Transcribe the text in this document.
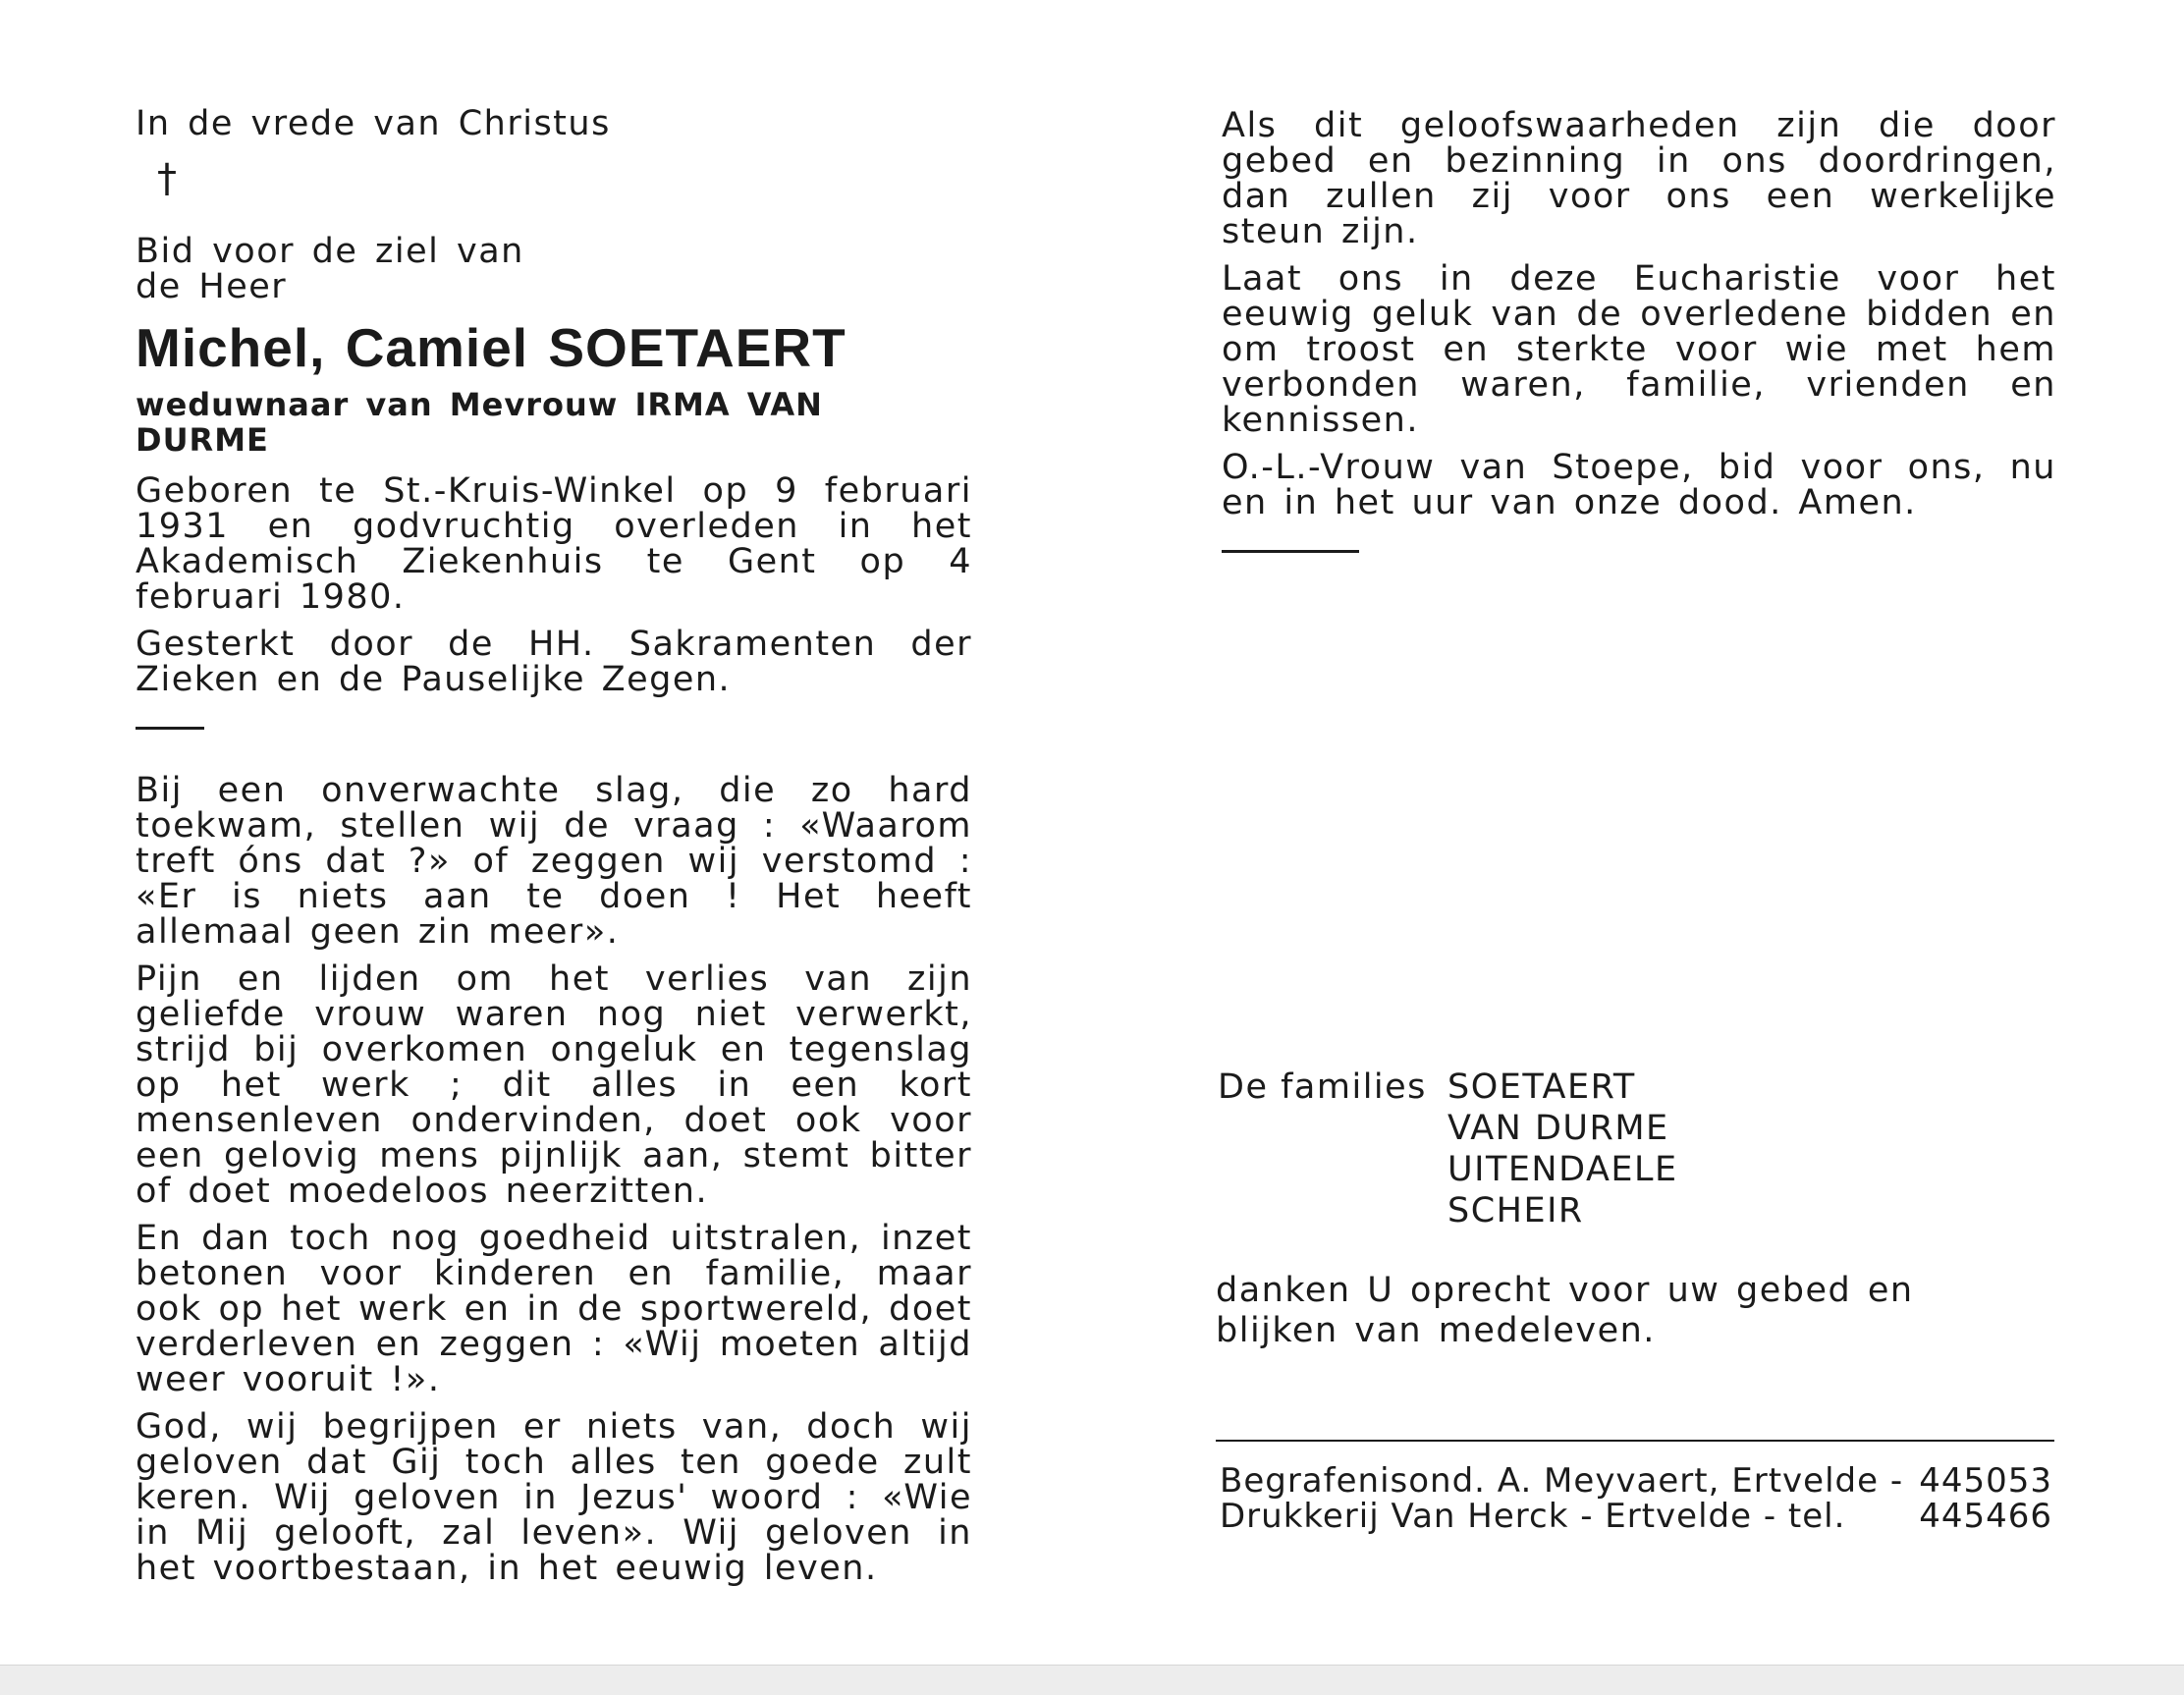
In de vrede van Christus

†

Bid voor de ziel van

de Heer

Michel, Camiel SOETAERT

weduwnaar van Mevrouw IRMA VAN DURME

Geboren te St.-Kruis-Winkel op 9 februari 1931 en godvruchtig overleden in het Akademisch Ziekenhuis te Gent op 4 februari 1980.

Gesterkt door de HH. Sakramenten der Zieken en de Pauselijke Zegen.

Bij een onverwachte slag, die zo hard toekwam, stellen wij de vraag : «Waarom treft óns dat ?» of zeggen wij verstomd : «Er is niets aan te doen ! Het heeft allemaal geen zin meer».

Pijn en lijden om het verlies van zijn geliefde vrouw waren nog niet verwerkt, strijd bij overkomen ongeluk en tegenslag op het werk ; dit alles in een kort mensenleven ondervinden, doet ook voor een gelovig mens pijnlijk aan, stemt bitter of doet moedeloos neerzitten.

En dan toch nog goedheid uitstralen, inzet betonen voor kinderen en familie, maar ook op het werk en in de sportwereld, doet verderleven en zeggen : «Wij moeten altijd weer vooruit !».

God, wij begrijpen er niets van, doch wij geloven dat Gij toch alles ten goede zult keren. Wij geloven in Jezus' woord : «Wie in Mij gelooft, zal leven». Wij geloven in het voortbestaan, in het eeuwig leven.

Als dit geloofswaarheden zijn die door gebed en bezinning in ons doordringen, dan zullen zij voor ons een werkelijke steun zijn.

Laat ons in deze Eucharistie voor het eeuwig geluk van de overledene bidden en om troost en sterkte voor wie met hem verbonden waren, familie, vrienden en kennissen.

O.-L.-Vrouw van Stoepe, bid voor ons, nu en in het uur van onze dood. Amen.

De families SOETAERT
VAN DURME
UITENDAELE
SCHEIR

danken U oprecht voor uw gebed en blijken van medeleven.

Begrafenisond. A. Meyvaert, Ertvelde - 445053
Drukkerij Van Herck - Ertvelde - tel. 445466
